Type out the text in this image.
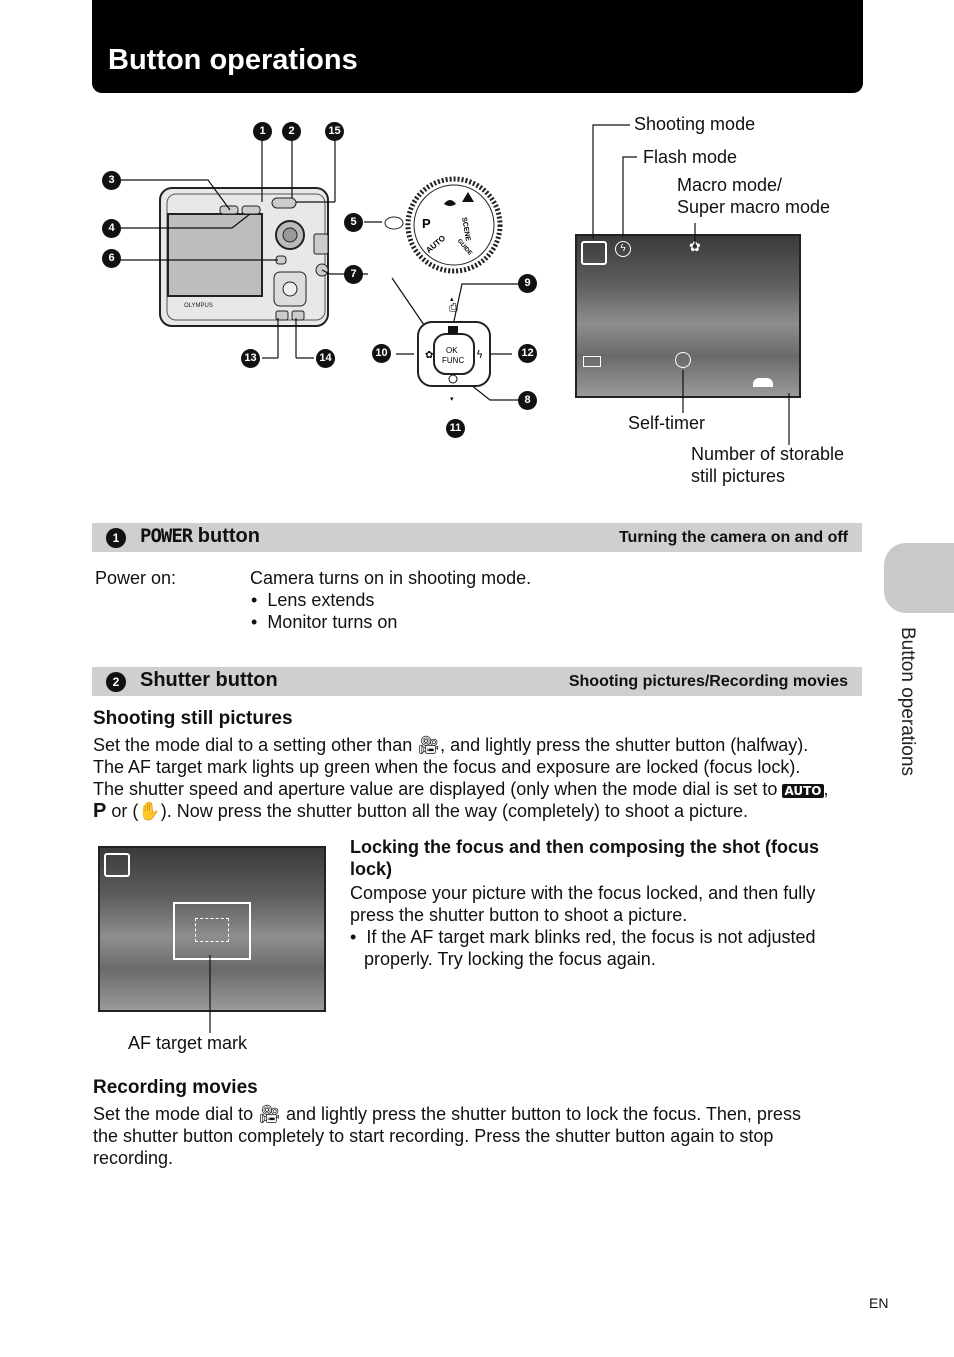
Button operations
Button operations
OLYMPUS
P
AUTO
SCENE
GUIDE
OK
FUNC
✿	ϟ
⎙
▾
▴
1	2	15
3
4
6
5
7
9
10	12
8
11
13	14
ϟ	✿
Shooting mode
Flash mode
Macro mode/
Super macro mode
Self-timer
Number of storable
still pictures
1	POWER button	Turning the camera on and off
Power on:	Camera turns on in shooting mode.
•  Lens extends
•  Monitor turns on
2	Shutter button	Shooting pictures/Recording movies
Shooting still pictures
Set the mode dial to a setting other than 🎥︎, and lightly press the shutter button (halfway).
The AF target mark lights up green when the focus and exposure are locked (focus lock).
The shutter speed and aperture value are displayed (only when the mode dial is set to AUTO ,
P or (✋). Now press the shutter button all the way (completely) to shoot a picture.
AF target mark
Locking the focus and then composing the shot (focus
lock)
Compose your picture with the focus locked, and then fully
press the shutter button to shoot a picture.
•  If the AF target mark blinks red, the focus is not adjusted
properly. Try locking the focus again.
Recording movies
Set the mode dial to 🎥︎ and lightly press the shutter button to lock the focus. Then, press
the shutter button completely to start recording. Press the shutter button again to stop
recording.
EN
